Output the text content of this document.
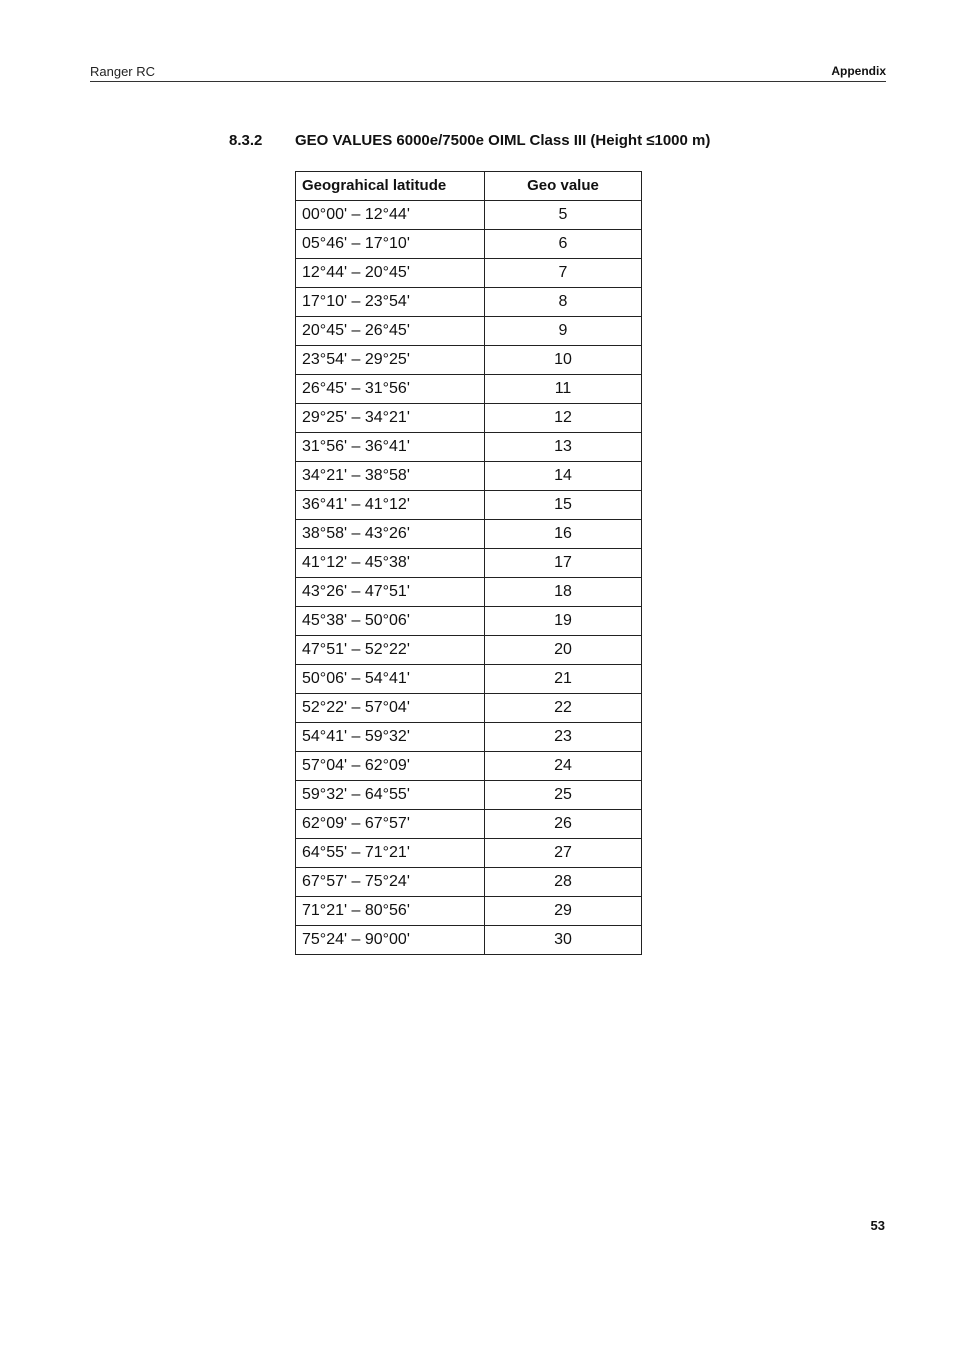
Ranger RC	Appendix
8.3.2 GEO VALUES 6000e/7500e OIML Class III (Height ≤1000 m)
Geograhical latitude	Geo value
00°00' – 12°44'	5
05°46' – 17°10'	6
12°44' – 20°45'	7
17°10' – 23°54'	8
20°45' – 26°45'	9
23°54' – 29°25'	10
26°45' – 31°56'	11
29°25' – 34°21'	12
31°56' – 36°41'	13
34°21' – 38°58'	14
36°41' – 41°12'	15
38°58' – 43°26'	16
41°12' – 45°38'	17
43°26' – 47°51'	18
45°38' – 50°06'	19
47°51' – 52°22'	20
50°06' – 54°41'	21
52°22' – 57°04'	22
54°41' – 59°32'	23
57°04' – 62°09'	24
59°32' – 64°55'	25
62°09' – 67°57'	26
64°55' – 71°21'	27
67°57' – 75°24'	28
71°21' – 80°56'	29
75°24' – 90°00'	30
53
